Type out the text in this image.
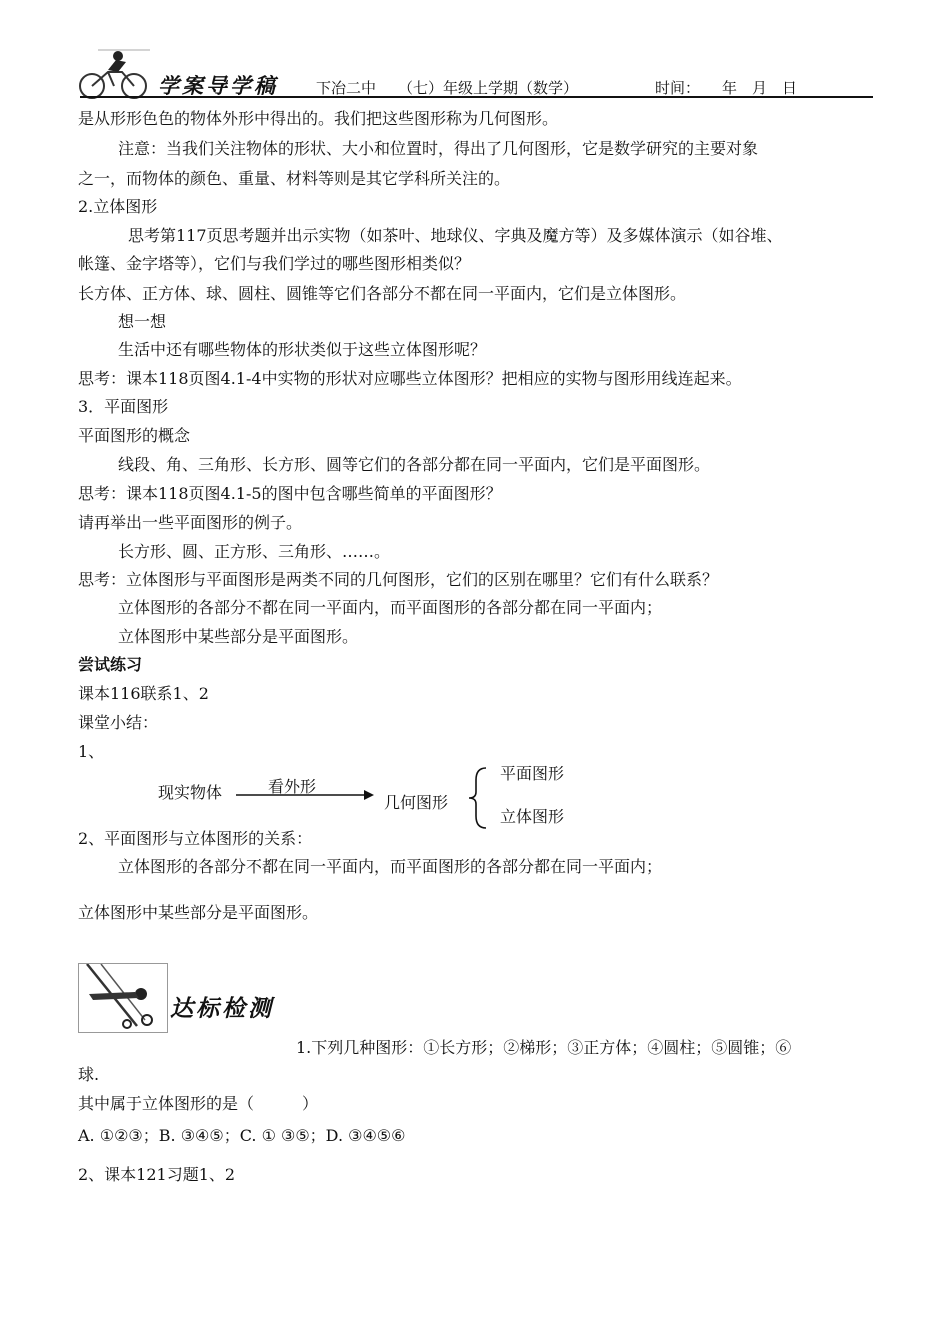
学案导学稿	下冶二中 （七）年级上学期（数学）	时间： 年 月 日
是从形形色色的物体外形中得出的。我们把这些图形称为几何图形。
注意：当我们关注物体的形状、大小和位置时，得出了几何图形，它是数学研究的主要对象
之一，而物体的颜色、重量、材料等则是其它学科所关注的。
2.立体图形
思考第117页思考题并出示实物（如茶叶、地球仪、字典及魔方等）及多媒体演示（如谷堆、
帐篷、金字塔等），它们与我们学过的哪些图形相类似？
长方体、正方体、球、圆柱、圆锥等它们各部分不都在同一平面内，它们是立体图形。
想一想
生活中还有哪些物体的形状类似于这些立体图形呢？
思考：课本118页图4.1-4中实物的形状对应哪些立体图形？把相应的实物与图形用线连起来。
3．平面图形
平面图形的概念
线段、角、三角形、长方形、圆等它们的各部分都在同一平面内，它们是平面图形。
思考：课本118页图4.1-5的图中包含哪些简单的平面图形？
请再举出一些平面图形的例子。
长方形、圆、正方形、三角形、……。
思考：立体图形与平面图形是两类不同的几何图形，它们的区别在哪里？它们有什么联系？
立体图形的各部分不都在同一平面内，而平面图形的各部分都在同一平面内；
立体图形中某些部分是平面图形。
尝试练习
课本116联系1、2
课堂小结：
1、
现实物体	看外形
几何图形
平面图形
立体图形
2、平面图形与立体图形的关系：
立体图形的各部分不都在同一平面内，而平面图形的各部分都在同一平面内；
立体图形中某些部分是平面图形。
达标检测
1.下列几种图形：①长方形；②梯形；③正方体；④圆柱；⑤圆锥；⑥
球.
其中属于立体图形的是（　　　）
A. ①②③；B. ③④⑤；C. ① ③⑤；D. ③④⑤⑥
2、课本121习题1、2
